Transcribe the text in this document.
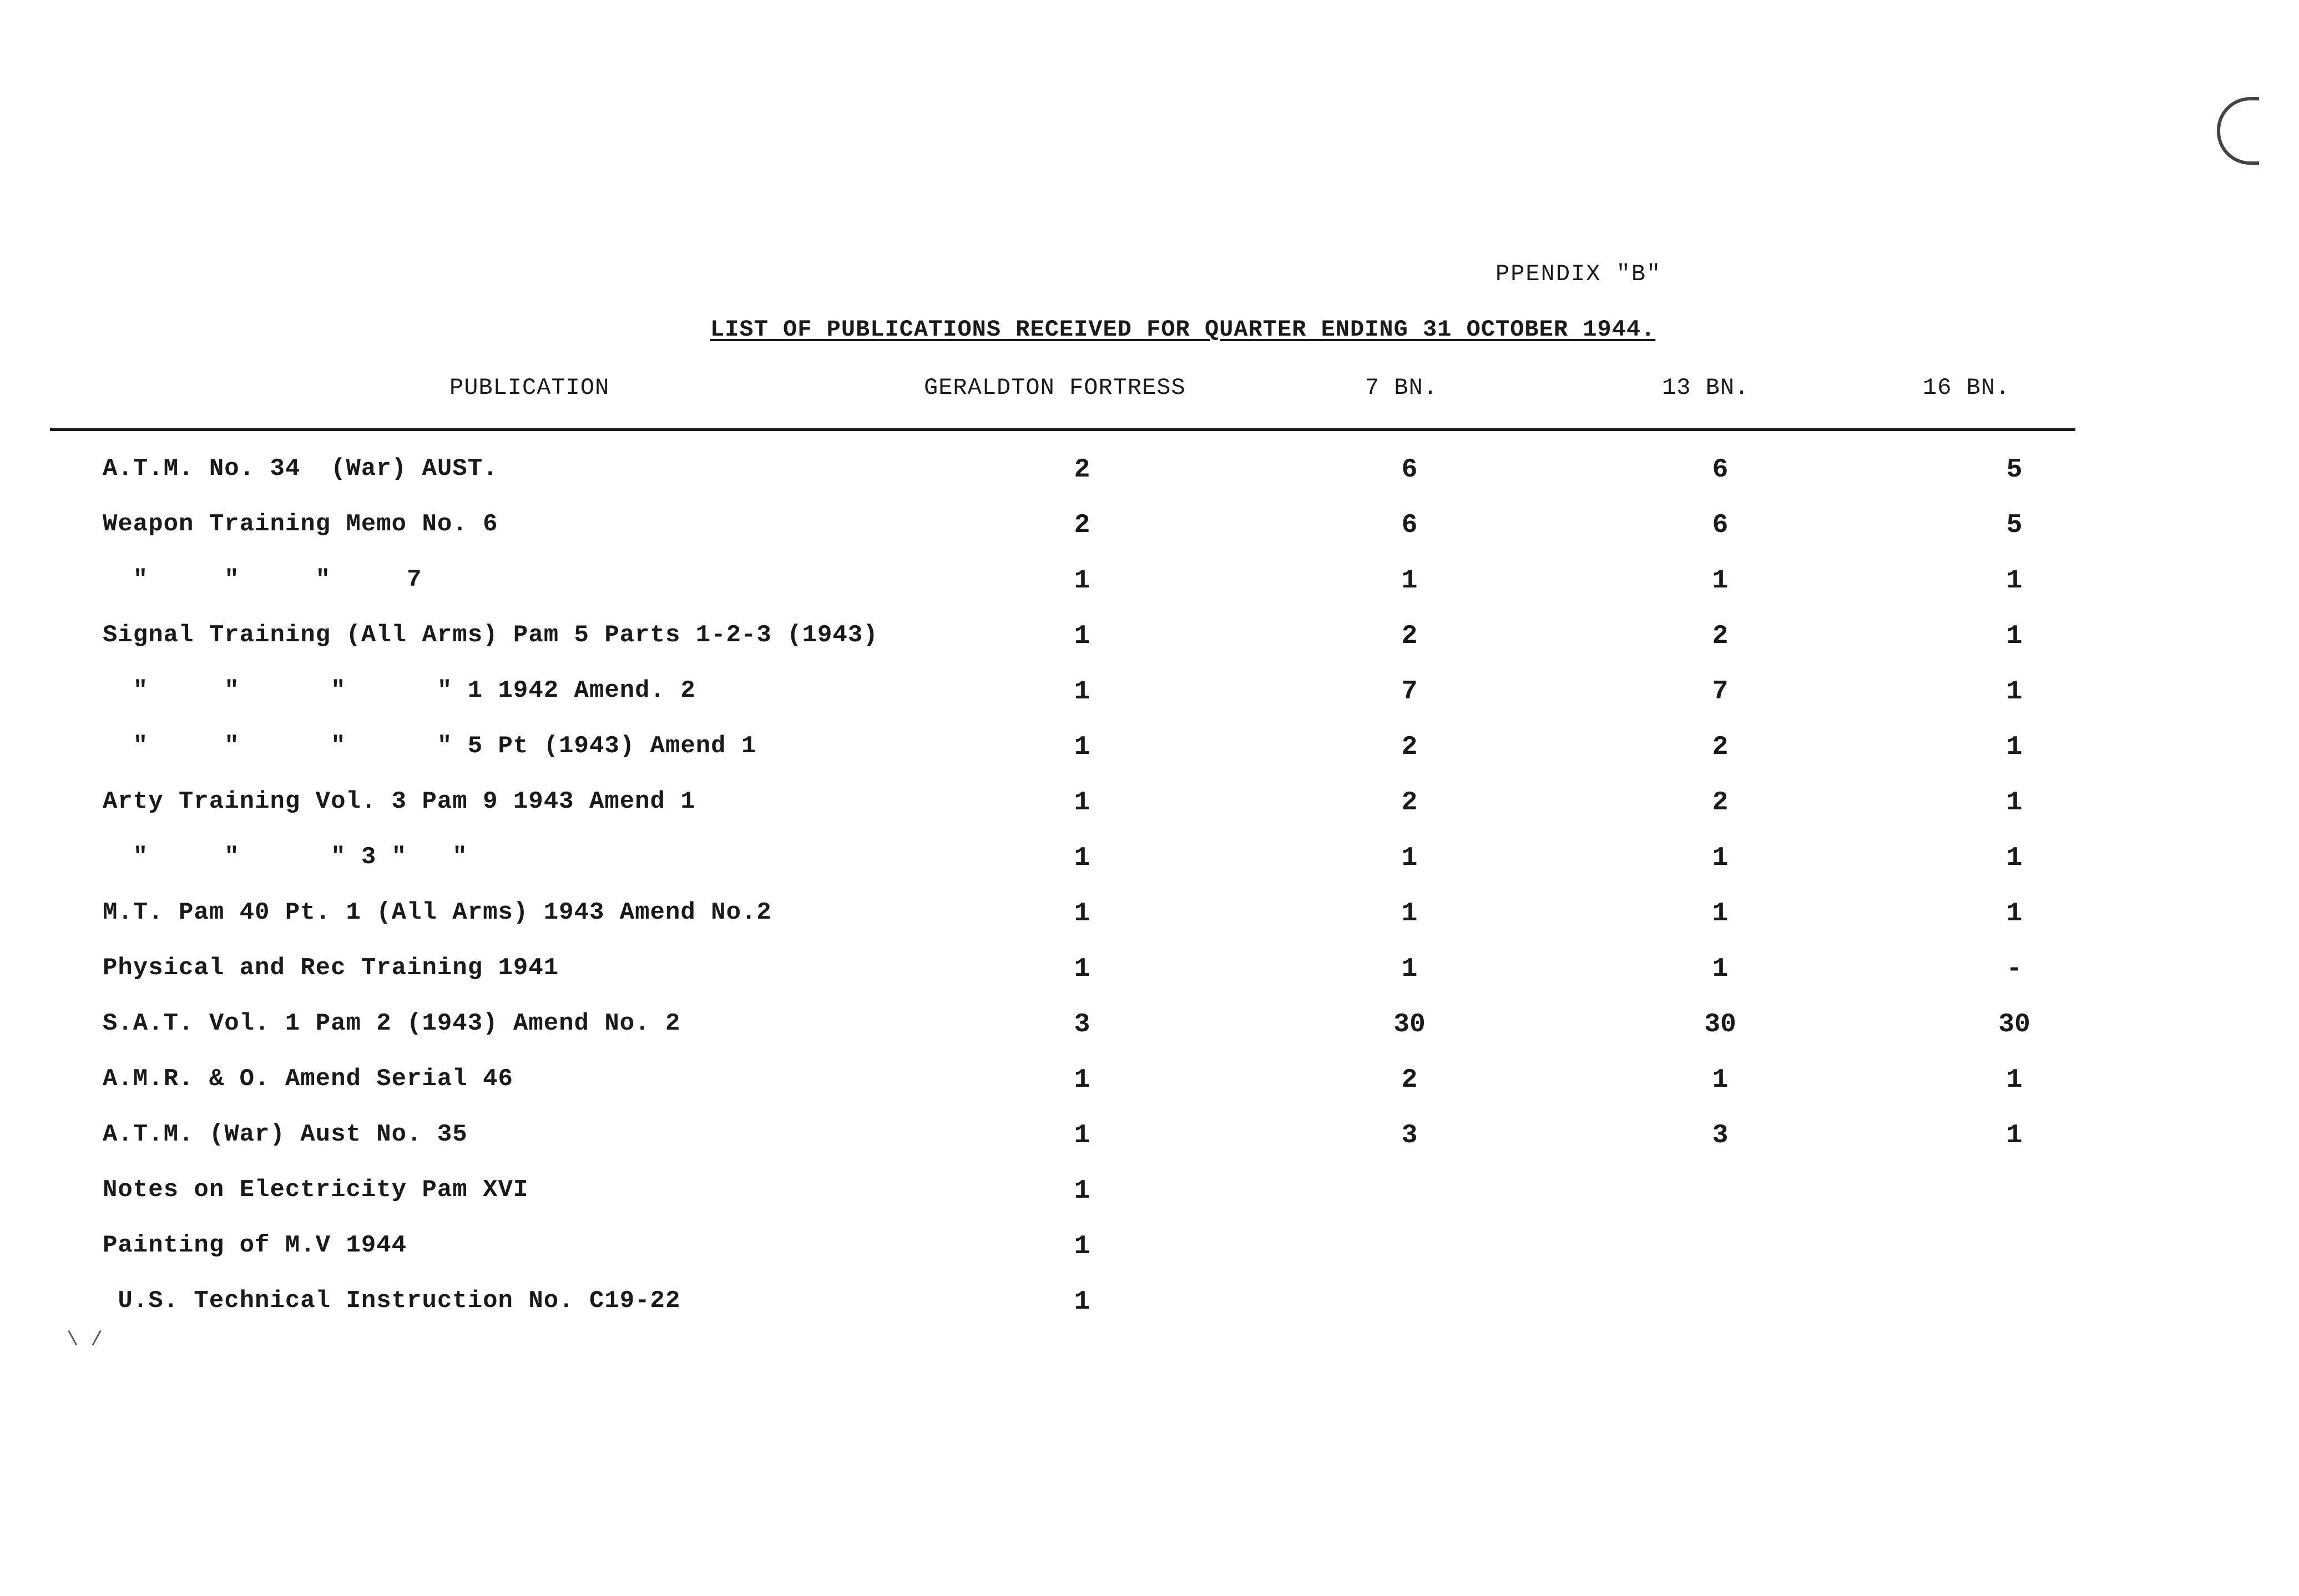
PPENDIX "B"
LIST OF PUBLICATIONS RECEIVED FOR QUARTER ENDING 31 OCTOBER 1944.
PUBLICATION	GERALDTON FORTRESS	7 BN.	13 BN.	16 BN.
A.T.M. No. 34  (War) AUST.	2	6	6	5
Weapon Training Memo No. 6	2	6	6	5
"     "     "     7	1	1	1	1
Signal Training (All Arms) Pam 5 Parts 1-2-3 (1943)	1	2	2	1
"     "      "      " 1 1942 Amend. 2	1	7	7	1
"     "      "      " 5 Pt (1943) Amend 1	1	2	2	1
Arty Training Vol. 3 Pam 9 1943 Amend 1	1	2	2	1
"     "      " 3 "   "	1	1	1	1
M.T. Pam 40 Pt. 1 (All Arms) 1943 Amend No.2	1	1	1	1
Physical and Rec Training 1941	1	1	1	-
S.A.T. Vol. 1 Pam 2 (1943) Amend No. 2	3	30	30	30
A.M.R. & O. Amend Serial 46	1	2	1	1
A.T.M. (War) Aust No. 35	1	3	3	1
Notes on Electricity Pam XVI	1
Painting of M.V 1944	1
U.S. Technical Instruction No. C19-22	1
\ /
